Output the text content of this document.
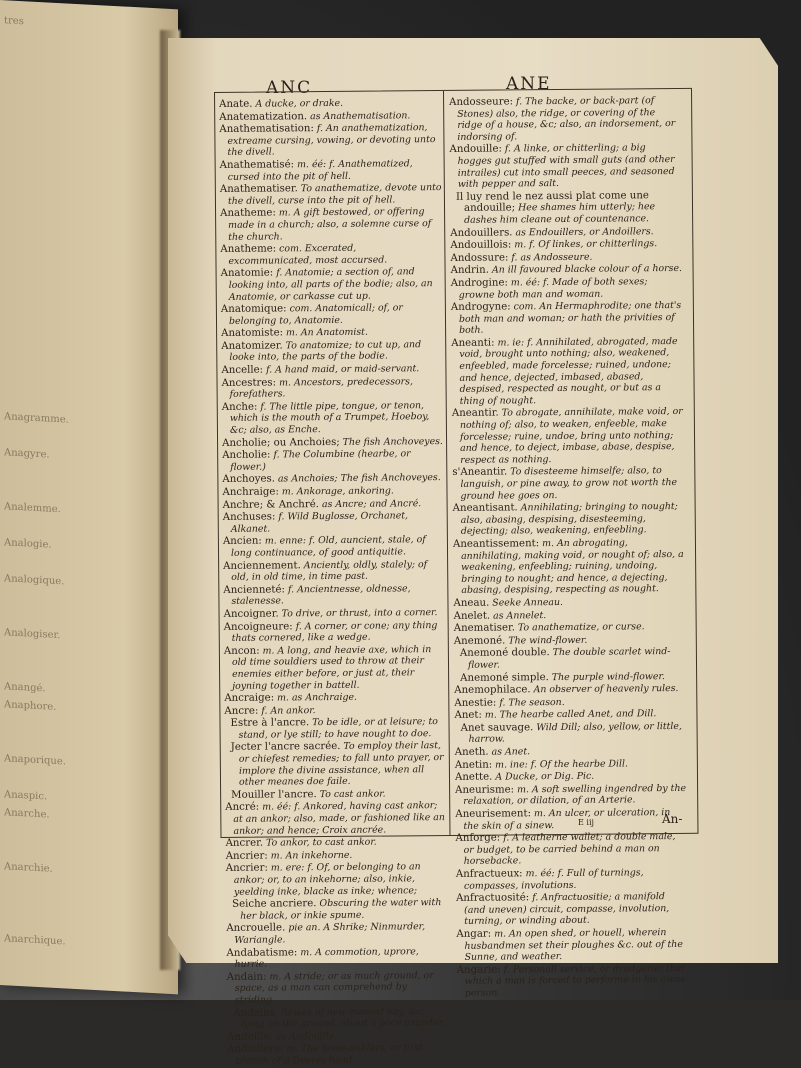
tres
Anagramme.
Anagyre.
Analemme.
Analogie.
Analogique.
Analogiser.
Anangé.
Anaphore.
Anaporique.
Anaspic.
Anarche.
Anarchie.
Anarchique.
ANC	ANE
Anate. A ducke, or drake.
Anatematization. as Anathematisation.
Anathematisation: f. An anathematization, extreame cursing, vowing, or devoting unto the divell.
Anathematisé: m. éé: f. Anathematized, cursed into the pit of hell.
Anathematiser. To anathematize, devote unto the divell, curse into the pit of hell.
Anatheme: m. A gift bestowed, or offering made in a church; also, a solemne curse of the church.
Anatheme: com. Excerated, excommunicated, most accursed.
Anatomie: f. Anatomie; a section of, and looking into, all parts of the bodie; also, an Anatomie, or carkasse cut up.
Anatomique: com. Anatomicall; of, or belonging to, Anatomie.
Anatomiste: m. An Anatomist.
Anatomizer. To anatomize; to cut up, and looke into, the parts of the bodie.
Ancelle: f. A hand maid, or maid-servant.
Ancestres: m. Ancestors, predecessors, forefathers.
Anche: f. The little pipe, tongue, or tenon, which is the mouth of a Trumpet, Hoeboy, &c; also, as Enche.
Ancholie; ou Anchoies; The fish Anchoveyes.
Ancholie: f. The Columbine (hearbe, or flower.)
Anchoyes. as Anchoies; The fish Anchoveyes.
Anchraige: m. Ankorage, ankoring.
Anchre; & Anchré. as Ancre; and Ancré.
Anchuses: f. Wild Buglosse, Orchanet, Alkanet.
Ancien: m. enne: f. Old, auncient, stale, of long continuance, of good antiquitie.
Anciennement. Anciently, oldly, stalely; of old, in old time, in time past.
Ancienneté: f. Ancientnesse, oldnesse, stalenesse.
Ancoigner. To drive, or thrust, into a corner.
Ancoigneure: f. A corner, or cone; any thing thats cornered, like a wedge.
Ancon: m. A long, and heavie axe, which in old time souldiers used to throw at their enemies either before, or just at, their joyning together in battell.
Ancraige: m. as Anchraige.
Ancre: f. An ankor.
Estre à l'ancre. To be idle, or at leisure; to stand, or lye still; to have nought to doe.
Jecter l'ancre sacrée. To employ their last, or chiefest remedies; to fall unto prayer, or implore the divine assistance, when all other meanes doe faile.
Mouiller l'ancre. To cast ankor.
Ancré: m. éé: f. Ankored, having cast ankor; at an ankor; also, made, or fashioned like an ankor; and hence; Croix ancrée.
Ancrer. To ankor, to cast ankor.
Ancrier: m. An inkehorne.
Ancrier: m. ere: f. Of, or belonging to an ankor; or, to an inkehorne; also, inkie, yeelding inke, blacke as inke; whence;
Seiche ancriere. Obscuring the water with her black, or inkie spume.
Ancrouelle. pie an. A Shrike; Ninmurder, Wariangle.
Andabatisme: m. A commotion, uprore, hurrie.
Andain: m. A stride; or as much ground, or space, as a man can comprehend by striding.
Andains. Rewes of new-mowed hay, &c, lying on the ground, about a pace asunder.
Andoille. as Andouille.
Andoillers: m. The brow-anklers, or first branch of a Deeres head.
Andosseure: f. The backe, or back-part (of Stones) also, the ridge, or covering of the ridge of a house, &c; also, an indorsement, or indorsing of.
Andouille: f. A linke, or chitterling; a big hogges gut stuffed with small guts (and other intrailes) cut into small peeces, and seasoned with pepper and salt.
Il luy rend le nez aussi plat come une andouille; Hee shames him utterly; hee dashes him cleane out of countenance.
Andouillers. as Endouillers, or Andoillers.
Andouillois: m. f. Of linkes, or chitterlings.
Andossure: f. as Andosseure.
Andrin. An ill favoured blacke colour of a horse.
Androgine: m. éé: f. Made of both sexes; growne both man and woman.
Androgyne: com. An Hermaphrodite; one that's both man and woman; or hath the privities of both.
Aneanti: m. ie: f. Annihilated, abrogated, made void, brought unto nothing; also, weakened, enfeebled, made forcelesse; ruined, undone; and hence, dejected, imbased, abased, despised, respected as nought, or but as a thing of nought.
Aneantir. To abrogate, annihilate, make void, or nothing of; also, to weaken, enfeeble, make forcelesse; ruine, undoe, bring unto nothing; and hence, to deject, imbase, abase, despise, respect as nothing.
s'Aneantir. To disesteeme himselfe; also, to languish, or pine away, to grow not worth the ground hee goes on.
Aneantisant. Annihilating; bringing to nought; also, abasing, despising, disesteeming, dejecting; also, weakening, enfeebling.
Aneantissement: m. An abrogating, annihilating, making void, or nought of; also, a weakening, enfeebling; ruining, undoing, bringing to nought; and hence, a dejecting, abasing, despising, respecting as nought.
Aneau. Seeke Anneau.
Anelet. as Annelet.
Anematiser. To anathematize, or curse.
Anemoné. The wind-flower.
Anemoné double. The double scarlet wind-flower.
Anemoné simple. The purple wind-flower.
Anemophilace. An observer of heavenly rules.
Anestie: f. The season.
Anet: m. The hearbe called Anet, and Dill.
Anet sauvage. Wild Dill; also, yellow, or little, harrow.
Aneth. as Anet.
Anetin: m. ine: f. Of the hearbe Dill.
Anette. A Ducke, or Dig. Pic.
Aneurisme: m. A soft swelling ingendred by the relaxation, or dilation, of an Arterie.
Aneurisement: m. An ulcer, or ulceration, in the skin of a sinew.
Anforge: f. A leatherne wallet; a double male, or budget, to be carried behind a man on horsebacke.
Anfractueux: m. éé: f. Full of turnings, compasses, involutions.
Anfractuosité: f. Anfractuositie; a manifold (and uneven) circuit, compasse, involution, turning, or winding about.
Angar: m. An open shed, or houell, wherein husbandmen set their ploughes &c. out of the Sunne, and weather.
Angarie: f. Personall service, or drudgerie; that which a man is forced to performe in his owne person.
E iij	An-
